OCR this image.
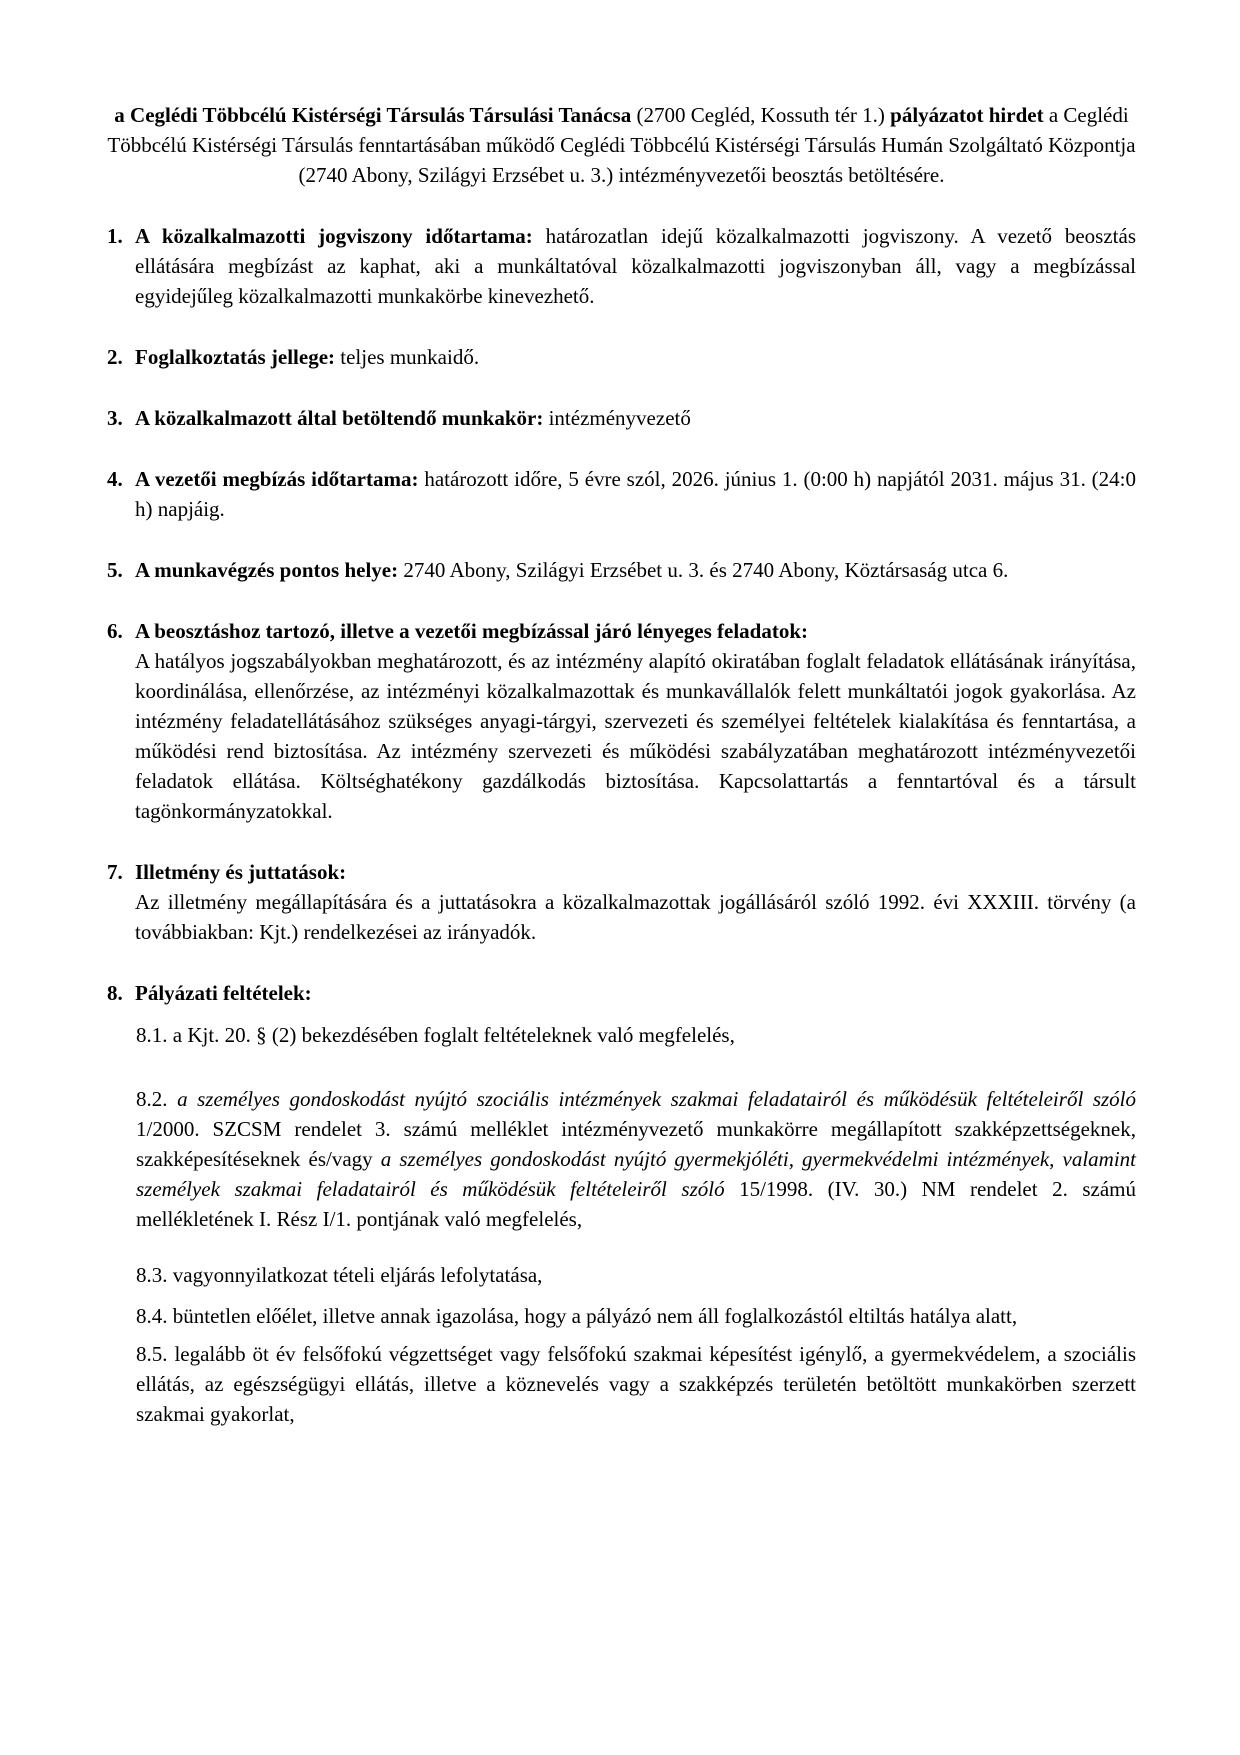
a Ceglédi Többcélú Kistérségi Társulás Társulási Tanácsa (2700 Cegléd, Kossuth tér 1.) pályázatot hirdet a Ceglédi Többcélú Kistérségi Társulás fenntartásában működő Ceglédi Többcélú Kistérségi Társulás Humán Szolgáltató Központja (2740 Abony, Szilágyi Erzsébet u. 3.) intézményvezetői beosztás betöltésére.

1. A közalkalmazotti jogviszony időtartama: határozatlan idejű közalkalmazotti jogviszony. A vezető beosztás ellátására megbízást az kaphat, aki a munkáltatóval közalkalmazotti jogviszonyban áll, vagy a megbízással egyidejűleg közalkalmazotti munkakörbe kinevezhető.

2. Foglalkoztatás jellege: teljes munkaidő.

3. A közalkalmazott által betöltendő munkakör: intézményvezető

4. A vezetői megbízás időtartama: határozott időre, 5 évre szól, 2026. június 1. (0:00 h) napjától 2031. május 31. (24:0 h) napjáig.

5. A munkavégzés pontos helye: 2740 Abony, Szilágyi Erzsébet u. 3. és 2740 Abony, Köztársaság utca 6.

6. A beosztáshoz tartozó, illetve a vezetői megbízással járó lényeges feladatok:

A hatályos jogszabályokban meghatározott, és az intézmény alapító okiratában foglalt feladatok ellátásának irányítása, koordinálása, ellenőrzése, az intézményi közalkalmazottak és munkavállalók felett munkáltatói jogok gyakorlása. Az intézmény feladatellátásához szükséges anyagi-tárgyi, szervezeti és személyei feltételek kialakítása és fenntartása, a működési rend biztosítása. Az intézmény szervezeti és működési szabályzatában meghatározott intézményvezetői feladatok ellátása. Költséghatékony gazdálkodás biztosítása. Kapcsolattartás a fenntartóval és a társult tagönkormányzatokkal.

7. Illetmény és juttatások:

Az illetmény megállapítására és a juttatásokra a közalkalmazottak jogállásáról szóló 1992. évi XXXIII. törvény (a továbbiakban: Kjt.) rendelkezései az irányadók.

8. Pályázati feltételek:

8.1. a Kjt. 20. § (2) bekezdésében foglalt feltételeknek való megfelelés,

8.2. a személyes gondoskodást nyújtó szociális intézmények szakmai feladatairól és működésük feltételeiről szóló 1/2000. SZCSM rendelet 3. számú melléklet intézményvezető munkakörre megállapított szakképzettségeknek, szakképesítéseknek és/vagy a személyes gondoskodást nyújtó gyermekjóléti, gyermekvédelmi intézmények, valamint személyek szakmai feladatairól és működésük feltételeiről szóló 15/1998. (IV. 30.) NM rendelet 2. számú mellékletének I. Rész I/1. pontjának való megfelelés,

8.3. vagyonnyilatkozat tételi eljárás lefolytatása,

8.4. büntetlen előélet, illetve annak igazolása, hogy a pályázó nem áll foglalkozástól eltiltás hatálya alatt,

8.5. legalább öt év felsőfokú végzettséget vagy felsőfokú szakmai képesítést igénylő, a gyermekvédelem, a szociális ellátás, az egészségügyi ellátás, illetve a köznevelés vagy a szakképzés területén betöltött munkakörben szerzett szakmai gyakorlat,
